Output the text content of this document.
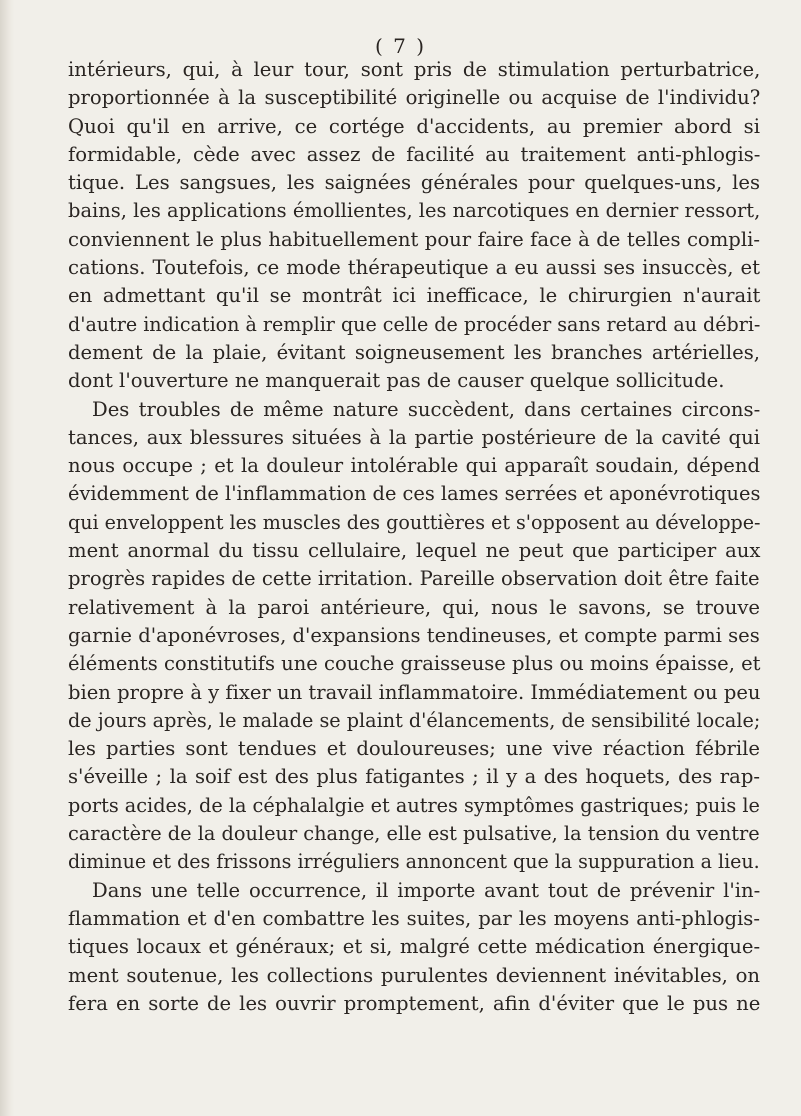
( 7 )
intérieurs, qui, à leur tour, sont pris de stimulation perturbatrice,
proportionnée à la susceptibilité originelle ou acquise de l'individu?
Quoi qu'il en arrive, ce cortége d'accidents, au premier abord si
formidable, cède avec assez de facilité au traitement anti-phlogis-
tique. Les sangsues, les saignées générales pour quelques-uns, les
bains, les applications émollientes, les narcotiques en dernier ressort,
conviennent le plus habituellement pour faire face à de telles compli-
cations. Toutefois, ce mode thérapeutique a eu aussi ses insuccès, et
en admettant qu'il se montrât ici inefficace, le chirurgien n'aurait
d'autre indication à remplir que celle de procéder sans retard au débri-
dement de la plaie, évitant soigneusement les branches artérielles,
dont l'ouverture ne manquerait pas de causer quelque sollicitude.
Des troubles de même nature succèdent, dans certaines circons-
tances, aux blessures situées à la partie postérieure de la cavité qui
nous occupe ; et la douleur intolérable qui apparaît soudain, dépend
évidemment de l'inflammation de ces lames serrées et aponévrotiques
qui enveloppent les muscles des gouttières et s'opposent au développe-
ment anormal du tissu cellulaire, lequel ne peut que participer aux
progrès rapides de cette irritation. Pareille observation doit être faite
relativement à la paroi antérieure, qui, nous le savons, se trouve
garnie d'aponévroses, d'expansions tendineuses, et compte parmi ses
éléments constitutifs une couche graisseuse plus ou moins épaisse, et
bien propre à y fixer un travail inflammatoire. Immédiatement ou peu
de jours après, le malade se plaint d'élancements, de sensibilité locale;
les parties sont tendues et douloureuses; une vive réaction fébrile
s'éveille ; la soif est des plus fatigantes ; il y a des hoquets, des rap-
ports acides, de la céphalalgie et autres symptômes gastriques; puis le
caractère de la douleur change, elle est pulsative, la tension du ventre
diminue et des frissons irréguliers annoncent que la suppuration a lieu.
Dans une telle occurrence, il importe avant tout de prévenir l'in-
flammation et d'en combattre les suites, par les moyens anti-phlogis-
tiques locaux et généraux; et si, malgré cette médication énergique-
ment soutenue, les collections purulentes deviennent inévitables, on
fera en sorte de les ouvrir promptement, afin d'éviter que le pus ne
